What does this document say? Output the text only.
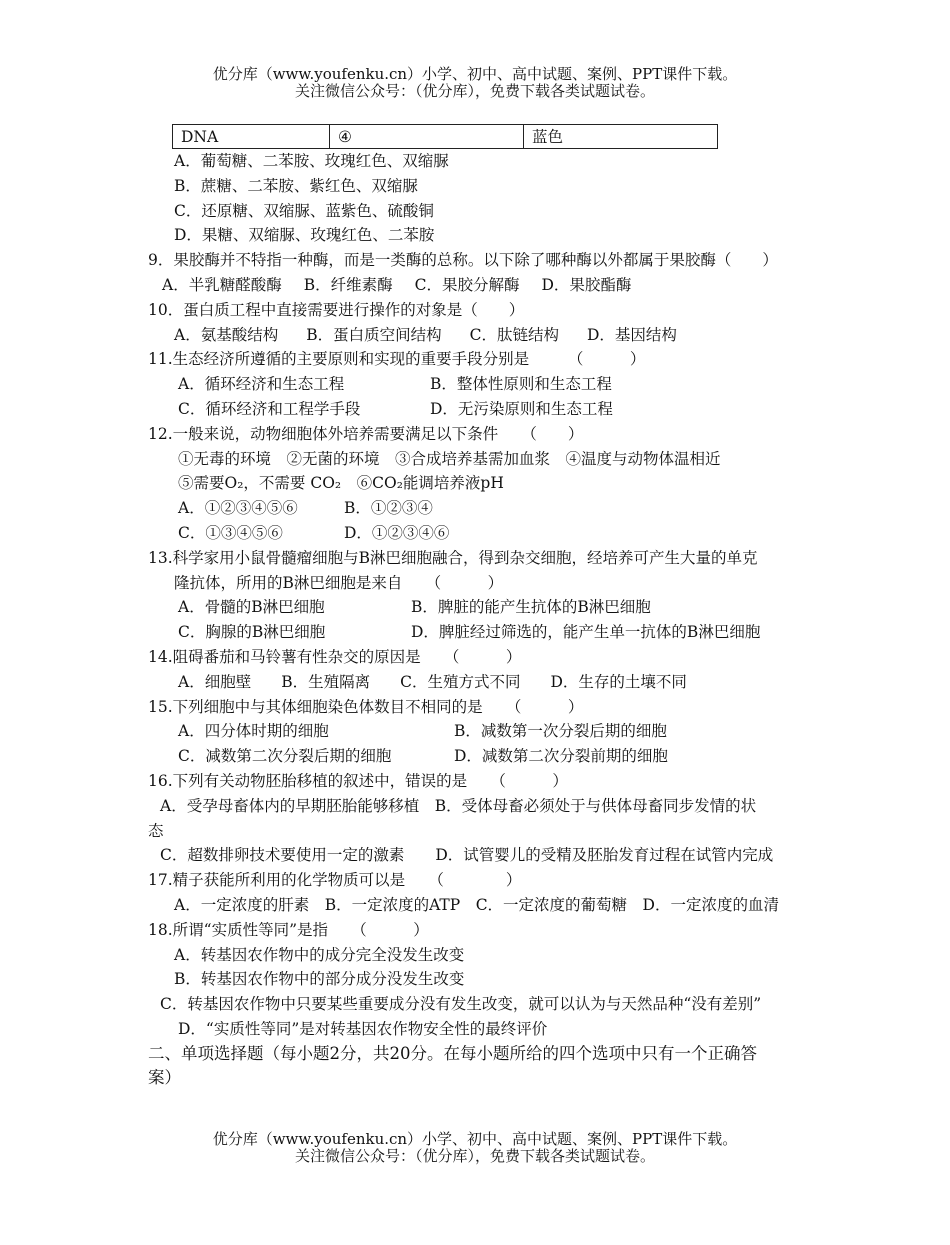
优分库（www.youfenku.cn）小学、初中、高中试题、案例、PPT课件下载。
关注微信公众号：（优分库），免费下载各类试题试卷。
DNA	④	蓝色
A．葡萄糖、二苯胺、玫瑰红色、双缩脲
B．蔗糖、二苯胺、紫红色、双缩脲
C．还原糖、双缩脲、蓝紫色、硫酸铜
D．果糖、双缩脲、玫瑰红色、二苯胺
9．果胶酶并不特指一种酶，而是一类酶的总称。以下除了哪种酶以外都属于果胶酶（　　）
A．半乳糖醛酸酶 B．纤维素酶 C．果胶分解酶 D．果胶酯酶
10．蛋白质工程中直接需要进行操作的对象是（　　）
A．氨基酸结构 B．蛋白质空间结构 C．肽链结构 D．基因结构
11.生态经济所遵循的主要原则和实现的重要手段分别是　　　（　　　）
A．循环经济和生态工程	B．整体性原则和生态工程
C．循环经济和工程学手段	D．无污染原则和生态工程
12.一般来说，动物细胞体外培养需要满足以下条件　　（　　）
①无毒的环境　②无菌的环境　③合成培养基需加血浆　④温度与动物体温相近
⑤需要O₂，不需要 CO₂　⑥CO₂能调培养液pH
A．①②③④⑤⑥	B．①②③④
C．①③④⑤⑥	D．①②③④⑥
13.科学家用小鼠骨髓瘤细胞与B淋巴细胞融合，得到杂交细胞，经培养可产生大量的单克
隆抗体，所用的B淋巴细胞是来自　　（　　　）
A．骨髓的B淋巴细胞	B．脾脏的能产生抗体的B淋巴细胞
C．胸腺的B淋巴细胞	D．脾脏经过筛选的，能产生单一抗体的B淋巴细胞
14.阻碍番茄和马铃薯有性杂交的原因是　　（　　　）
A．细胞壁 B．生殖隔离 C．生殖方式不同 D．生存的土壤不同
15.下列细胞中与其体细胞染色体数目不相同的是　　（　　　）
A．四分体时期的细胞	B．减数第一次分裂后期的细胞
C．减数第二次分裂后期的细胞	D．减数第二次分裂前期的细胞
16.下列有关动物胚胎移植的叙述中，错误的是　　（　　　）
A．受孕母畜体内的早期胚胎能够移植　B．受体母畜必须处于与供体母畜同步发情的状
态
C．超数排卵技术要使用一定的激素　　D．试管婴儿的受精及胚胎发育过程在试管内完成
17.精子获能所利用的化学物质可以是　　（　　　　）
A．一定浓度的肝素　B．一定浓度的ATP　C．一定浓度的葡萄糖　D．一定浓度的血清
18.所谓“实质性等同”是指　　（　　　）
A．转基因农作物中的成分完全没发生改变
B．转基因农作物中的部分成分没发生改变
C．转基因农作物中只要某些重要成分没有发生改变，就可以认为与天然品种“没有差别”
D．“实质性等同”是对转基因农作物安全性的最终评价
二、单项选择题（每小题2分，共20分。在每小题所给的四个选项中只有一个正确答
案）
优分库（www.youfenku.cn）小学、初中、高中试题、案例、PPT课件下载。
关注微信公众号：（优分库），免费下载各类试题试卷。
